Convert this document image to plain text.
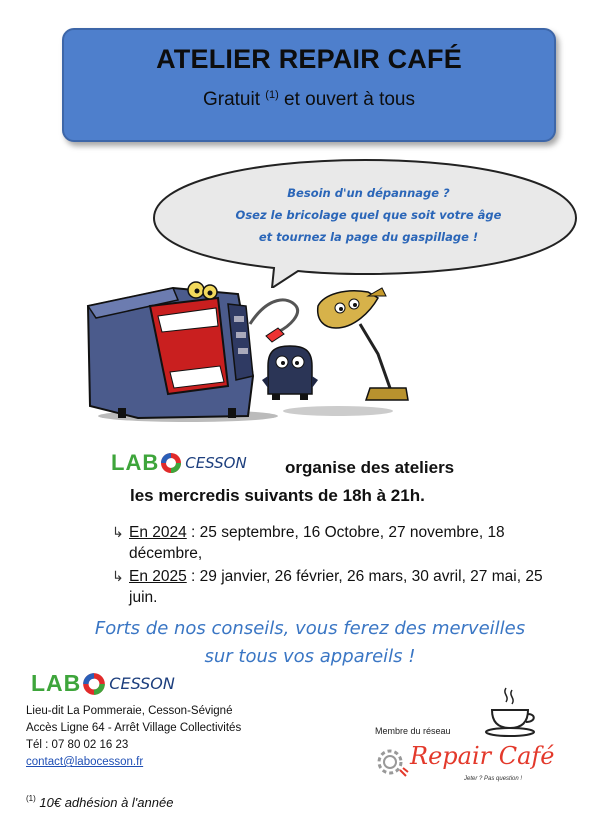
ATELIER REPAIR CAFÉ
Gratuit $^{(1)}$ et ouvert à tous
Besoin d'un dépannage ?
Osez le bricolage quel que soit votre âge
et tournez la page du gaspillage !
LAB CESSON organise des ateliers
les mercredis suivants de 18h à 21h.
↳ En 2024 : 25 septembre, 16 Octobre, 27 novembre, 18 décembre,
↳ En 2025 : 29 janvier, 26 février, 26 mars, 30 avril, 27 mai, 25 juin.
Forts de nos conseils, vous ferez des merveilles
sur tous vos appareils !
LAB CESSON
Lieu-dit La Pommeraie, Cesson-Sévigné
Accès Ligne 64 - Arrêt Village Collectivités
Tél : 07 80 02 16 23
contact@labocesson.fr
$^{(1)}$ 10€ adhésion à l'année
Membre du réseau
Repair Café
Jeter ? Pas question !
